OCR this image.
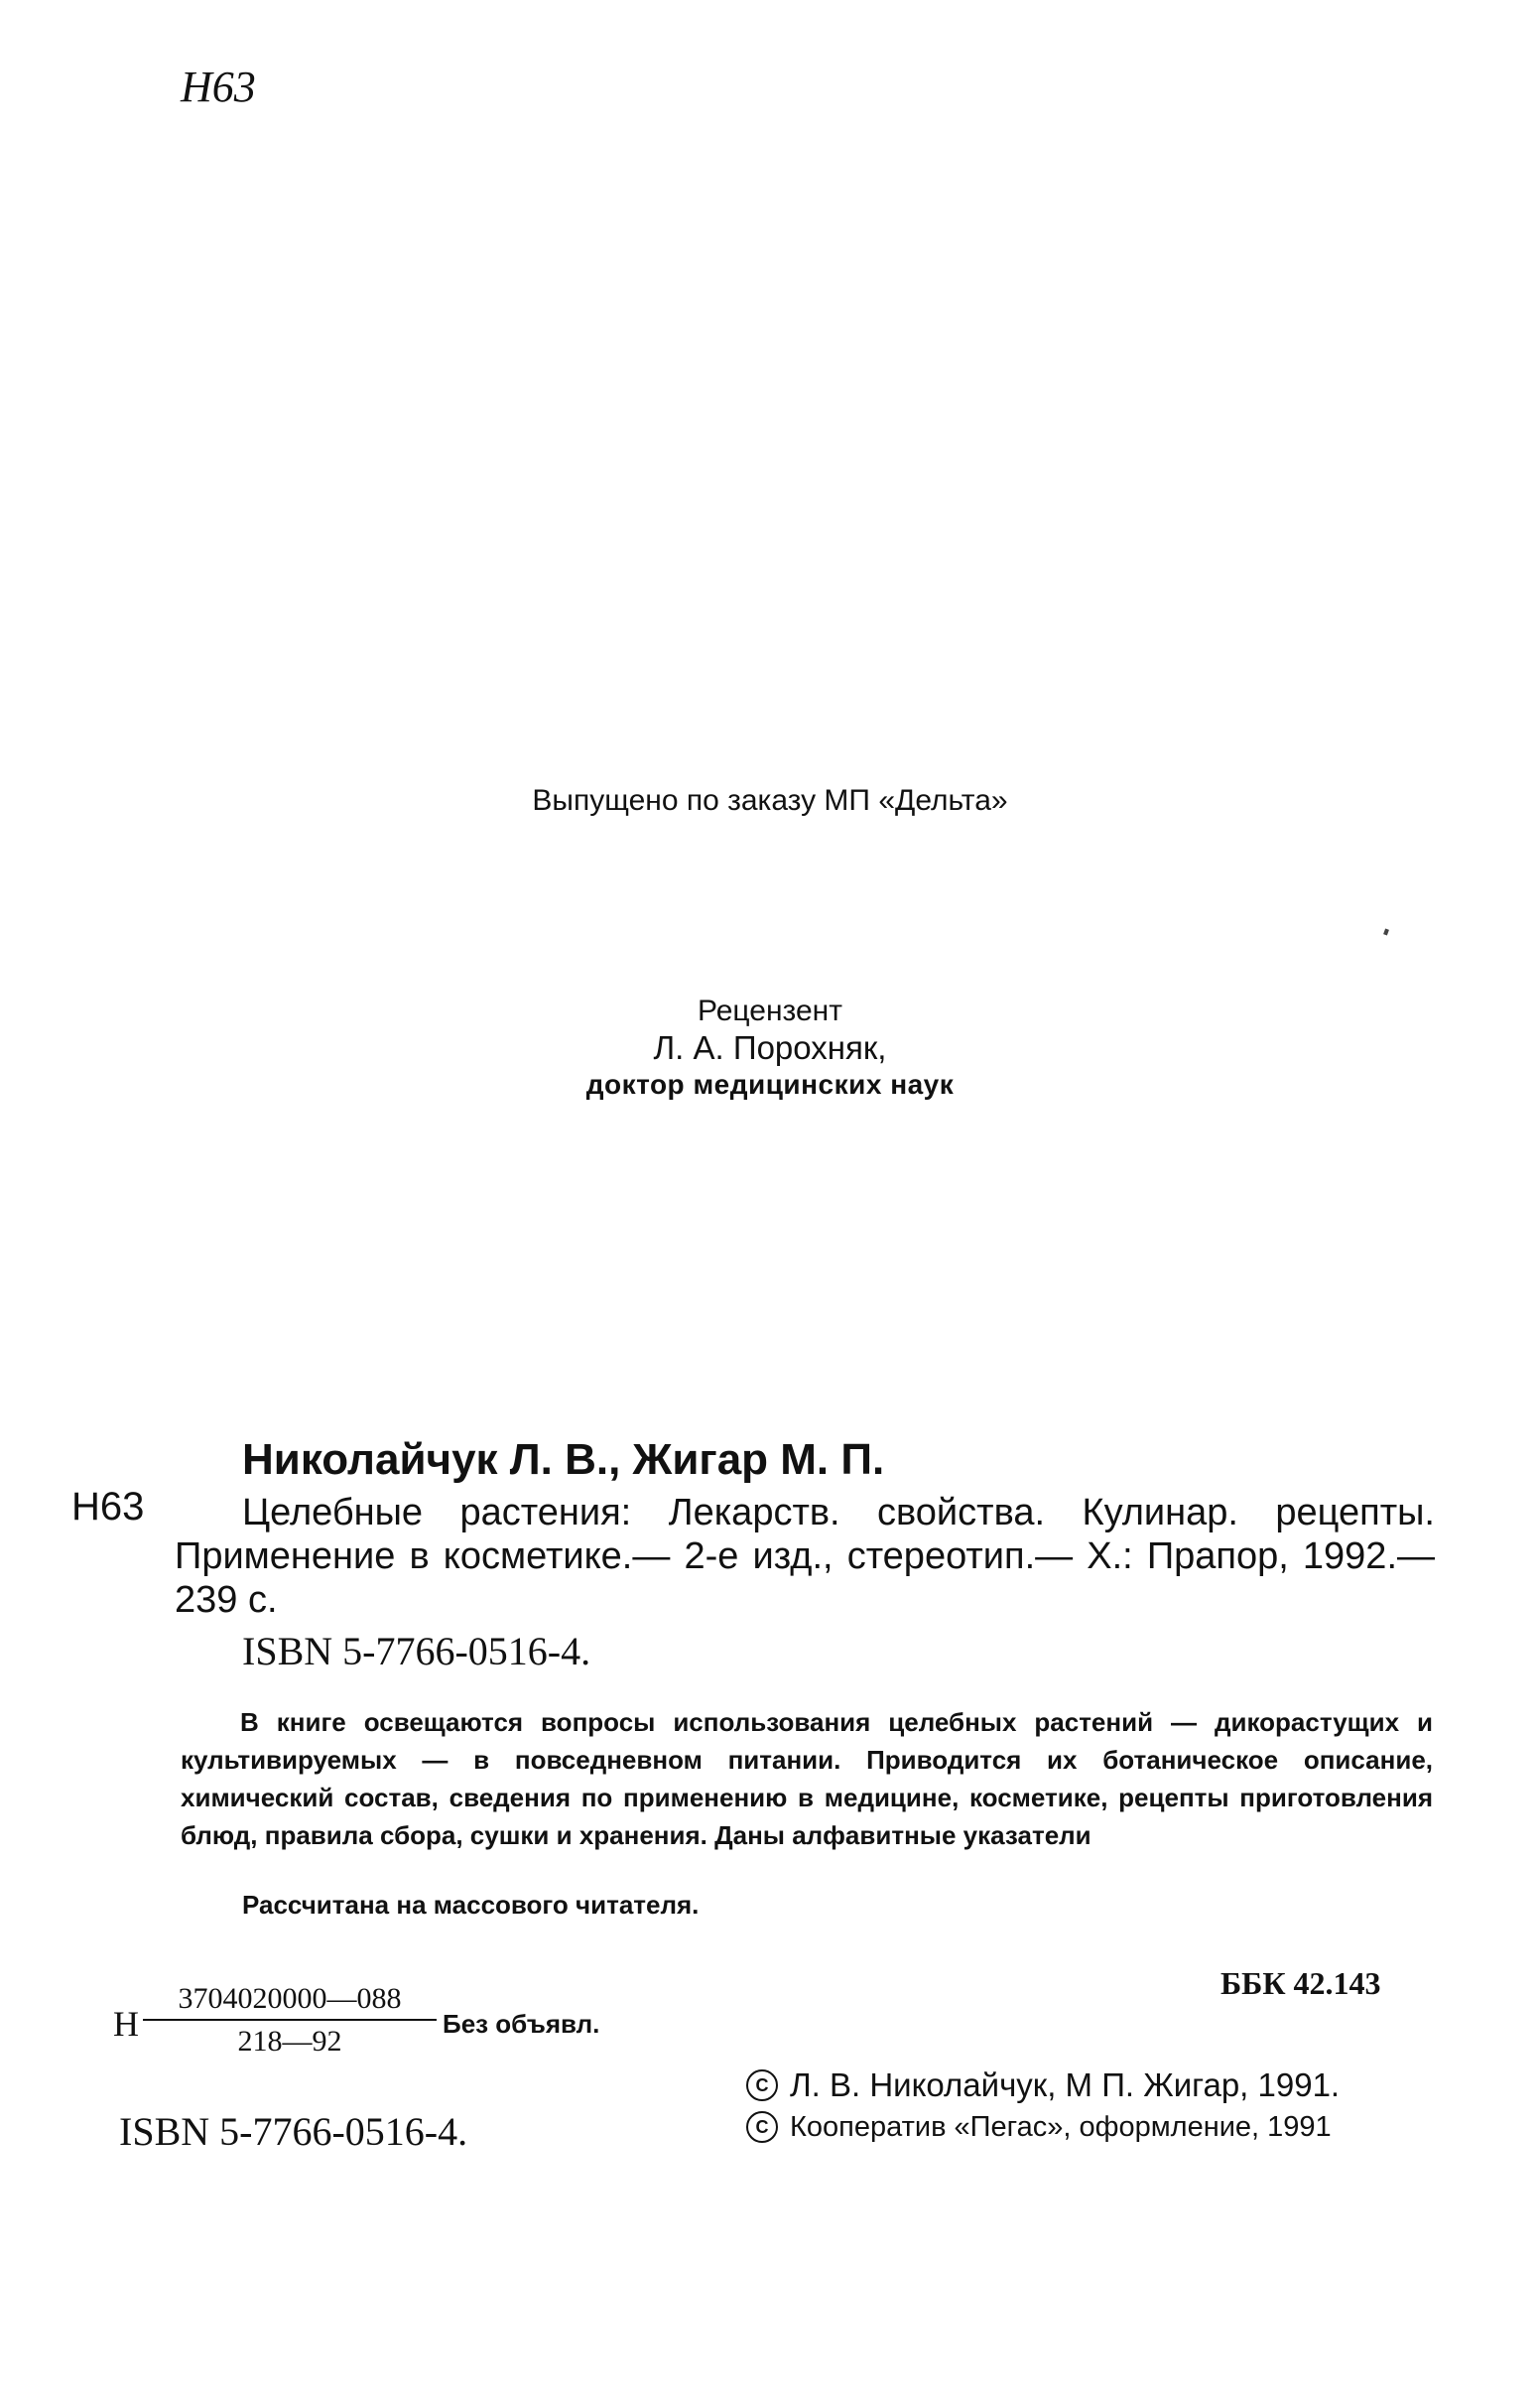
Н63
Выпущено по заказу МП «Дельта»
Рецензент
Л. А. Порохняк,
доктор медицинских наук
Н63
Николайчук Л. В., Жигар М. П.
Целебные растения: Лекарств. свойства. Кулинар. рецепты. Применение в косметике.— 2-е изд., стереотип.— Х.: Прапор, 1992.— 239 с.
ISBN 5-7766-0516-4.
В книге освещаются вопросы использования целебных растений — дикорастущих и культивируемых — в повседневном питании. Приводится их ботаническое описание, химический состав, сведения по применению в медицине, косметике, рецепты приготовления блюд, правила сбора, сушки и хранения. Даны алфавитные указатели
Рассчитана на массового читателя.
Н
3704020000—088
218—92
Без объявл.
ББК 42.143
ISBN 5-7766-0516-4.
C Л. В. Николайчук, М П. Жигар, 1991.
C Кооператив «Пегас», оформление, 1991
